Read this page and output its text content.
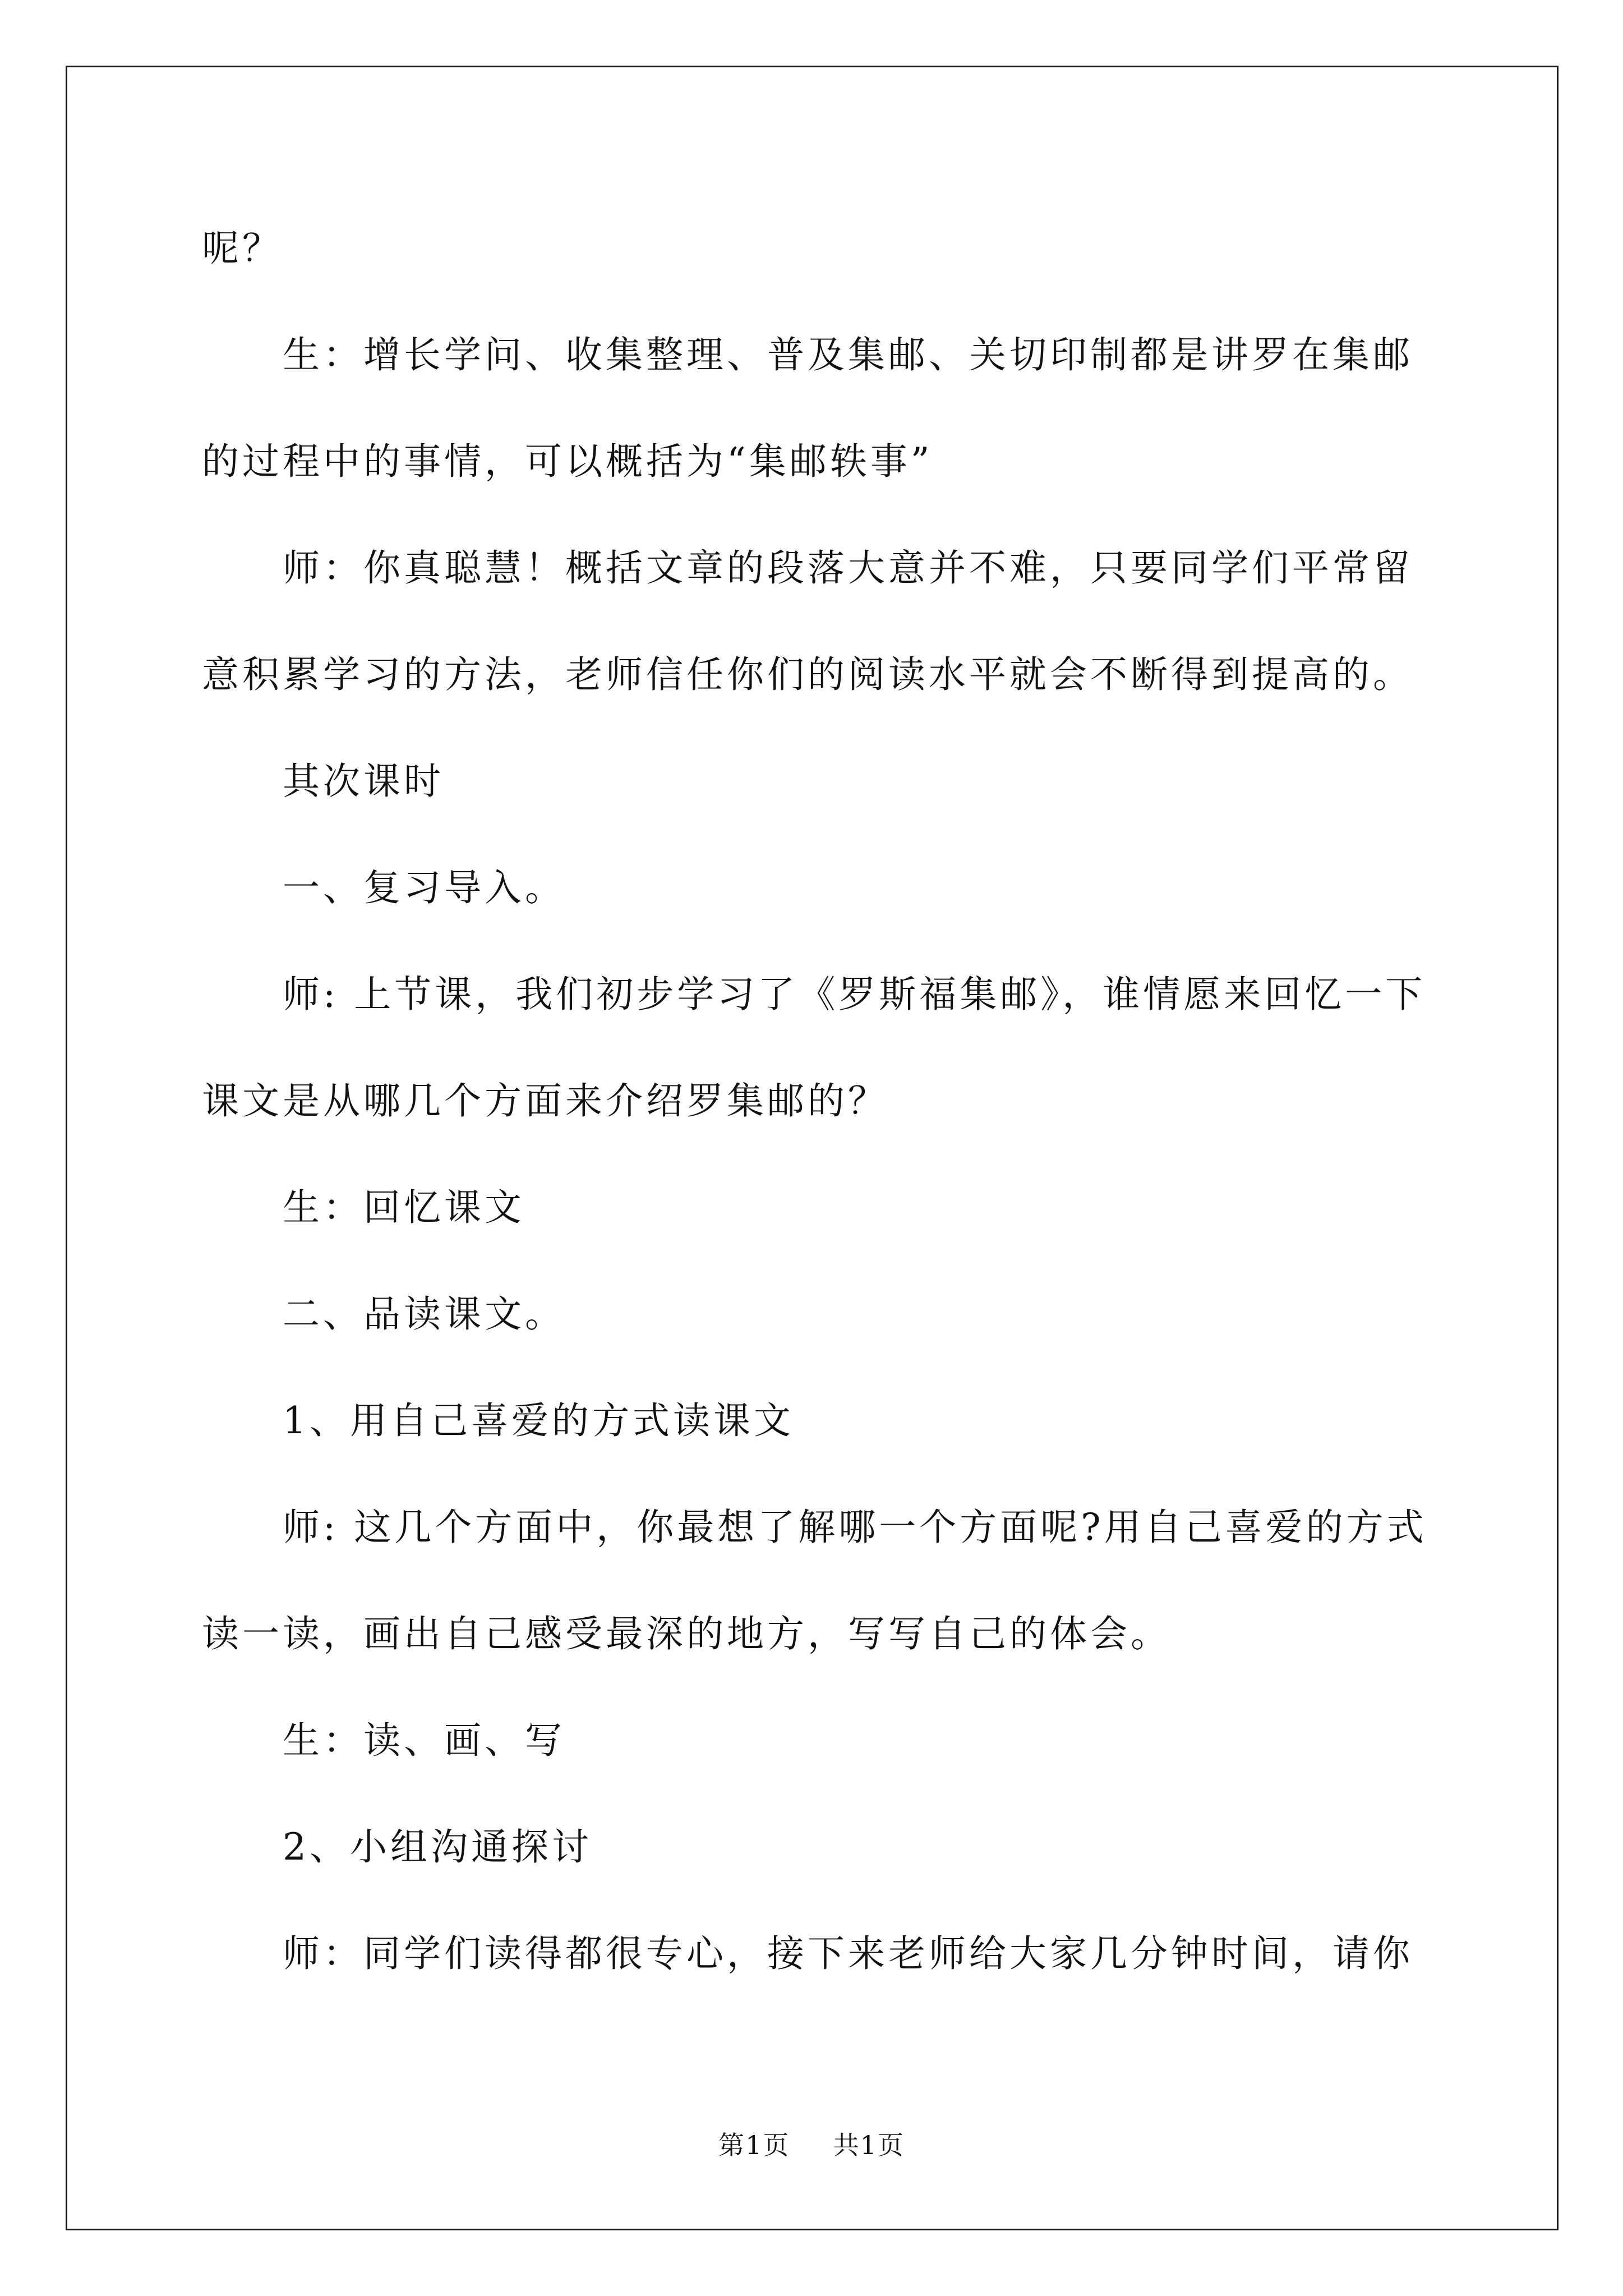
呢？
生：增长学问、收集整理、普及集邮、关切印制都是讲罗在集邮
的过程中的事情，可以概括为“集邮轶事”
师：你真聪慧！概括文章的段落大意并不难，只要同学们平常留
意积累学习的方法，老师信任你们的阅读水平就会不断得到提高的。
其次课时
一、复习导入。
师: 上节课，我们初步学习了《罗斯福集邮》，谁情愿来回忆一下
课文是从哪几个方面来介绍罗集邮的？
生：回忆课文
二、品读课文。
1、用自己喜爱的方式读课文
师: 这几个方面中，你最想了解哪一个方面呢?用自己喜爱的方式
读一读，画出自己感受最深的地方，写写自己的体会。
生：读、画、写
2、小组沟通探讨
师：同学们读得都很专心，接下来老师给大家几分钟时间，请你
第1页 共1页
